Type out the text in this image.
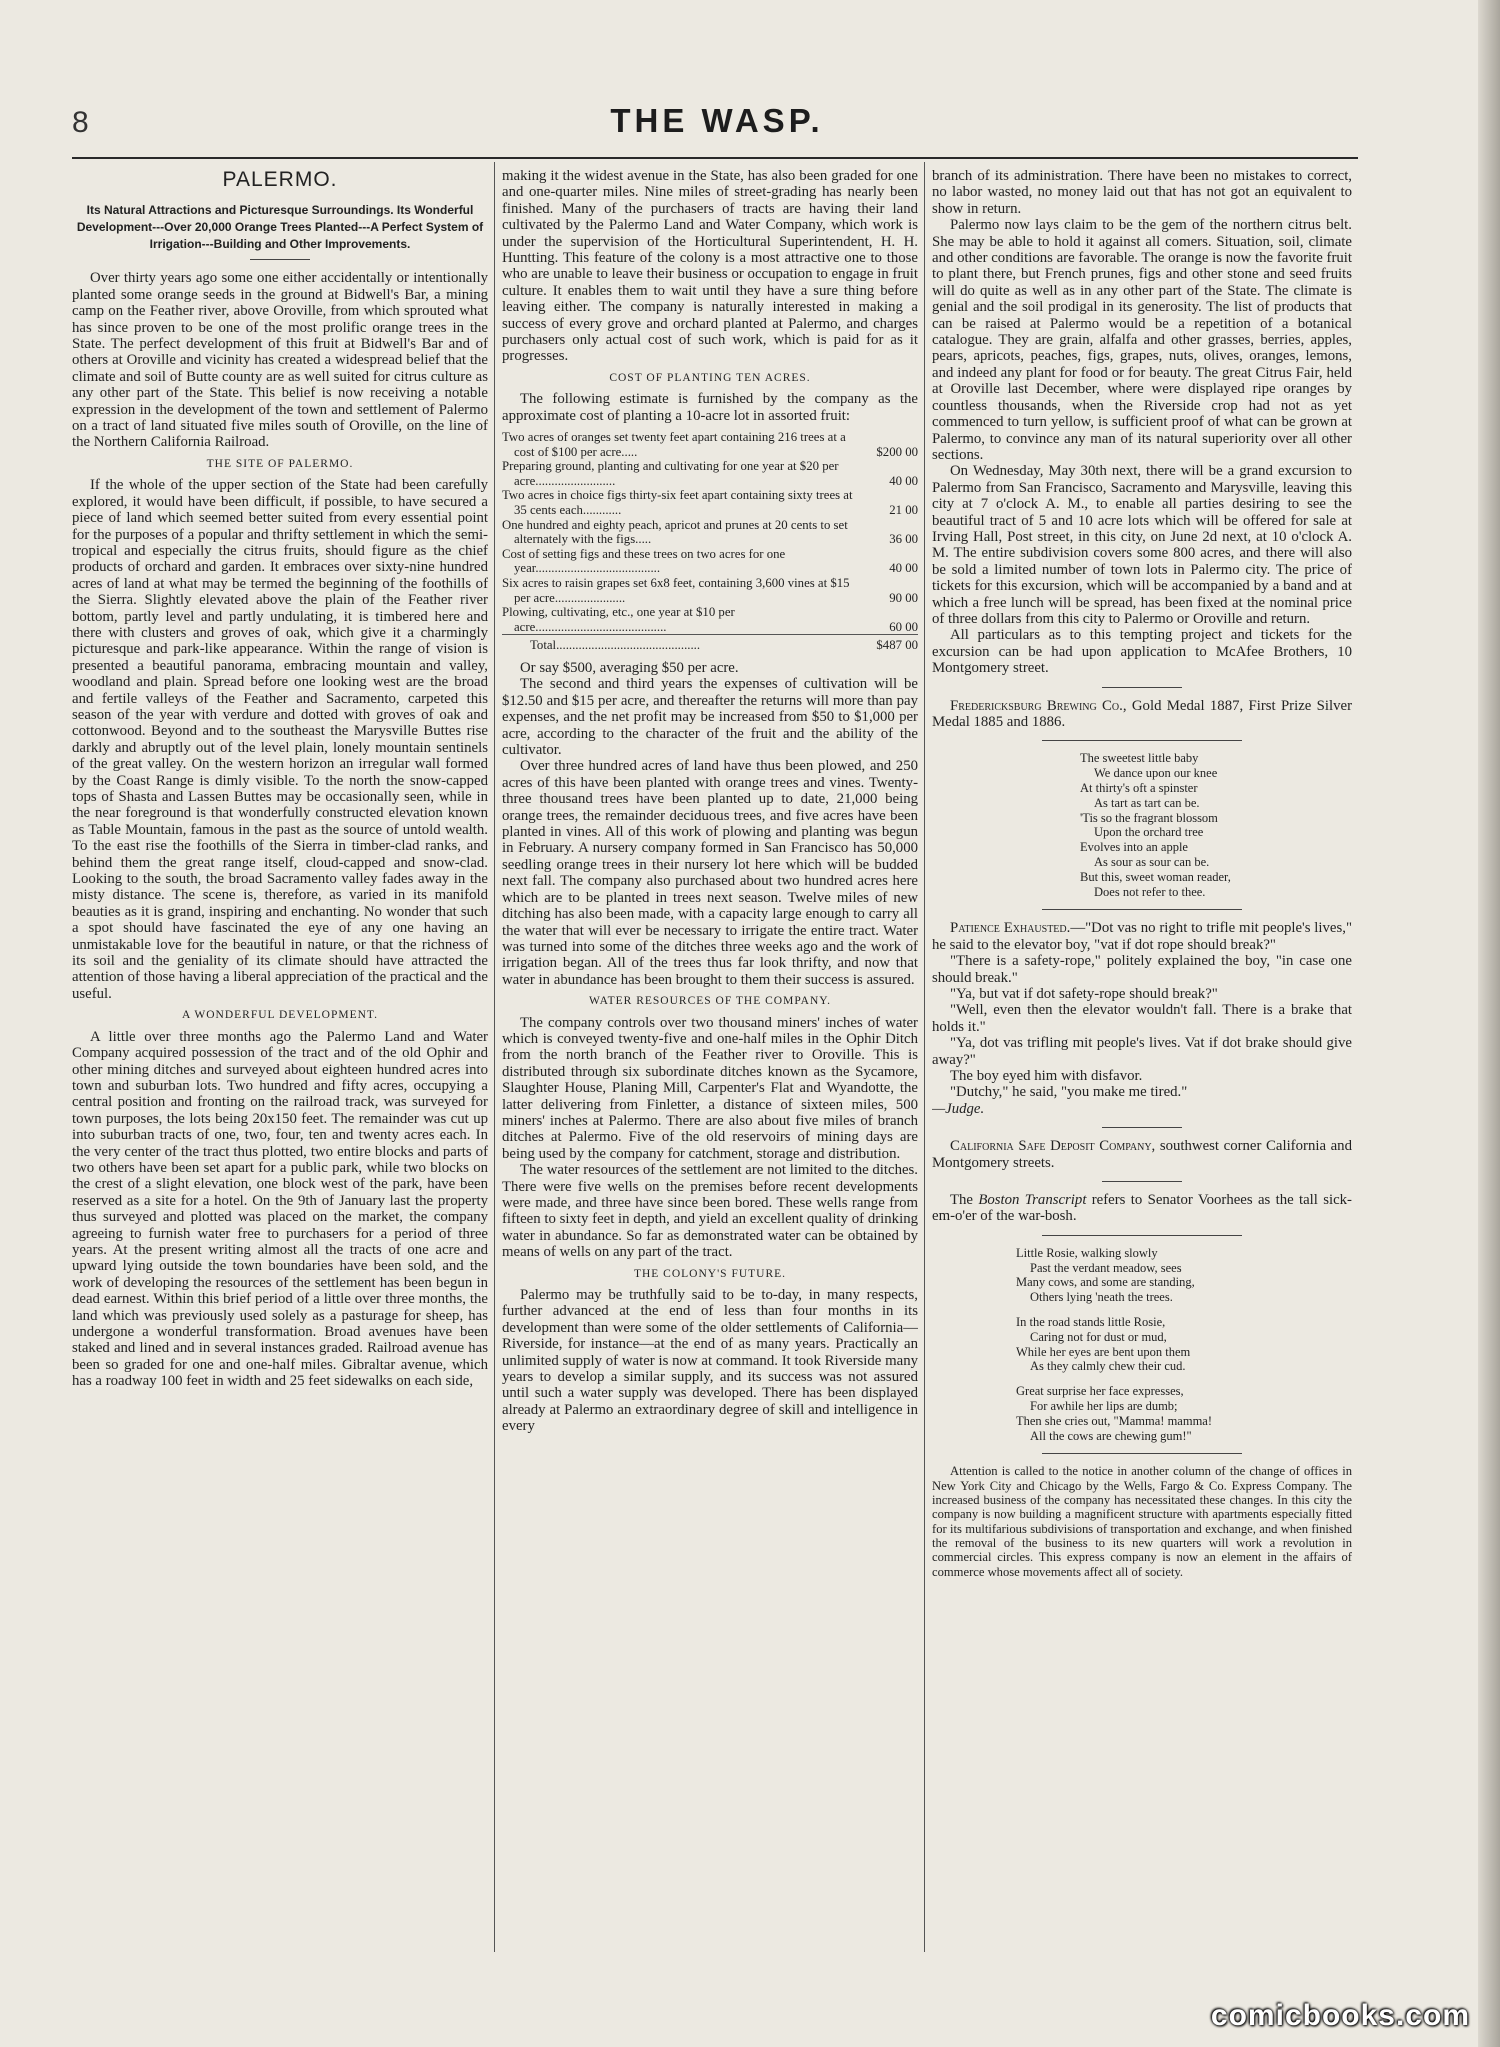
8	THE WASP.
PALERMO.
Its Natural Attractions and Picturesque Surroundings. Its Wonderful Development---Over 20,000 Orange Trees Planted---A Perfect System of Irrigation---Building and Other Improvements.

Over thirty years ago some one either accidentally or intentionally planted some orange seeds in the ground at Bidwell's Bar, a mining camp on the Feather river, above Oroville, from which sprouted what has since proven to be one of the most prolific orange trees in the State. The perfect development of this fruit at Bidwell's Bar and of others at Oroville and vicinity has created a widespread belief that the climate and soil of Butte county are as well suited for citrus culture as any other part of the State. This belief is now receiving a notable expression in the development of the town and settlement of Palermo on a tract of land situated five miles south of Oroville, on the line of the Northern California Railroad.

THE SITE OF PALERMO.

If the whole of the upper section of the State had been carefully explored, it would have been difficult, if possible, to have secured a piece of land which seemed better suited from every essential point for the purposes of a popular and thrifty settlement in which the semi-tropical and especially the citrus fruits, should figure as the chief products of orchard and garden. It embraces over sixty-nine hundred acres of land at what may be termed the beginning of the foothills of the Sierra. Slightly elevated above the plain of the Feather river bottom, partly level and partly undulating, it is timbered here and there with clusters and groves of oak, which give it a charmingly picturesque and park-like appearance. Within the range of vision is presented a beautiful panorama, embracing mountain and valley, woodland and plain. Spread before one looking west are the broad and fertile valleys of the Feather and Sacramento, carpeted this season of the year with verdure and dotted with groves of oak and cottonwood. Beyond and to the southeast the Marysville Buttes rise darkly and abruptly out of the level plain, lonely mountain sentinels of the great valley. On the western horizon an irregular wall formed by the Coast Range is dimly visible. To the north the snow-capped tops of Shasta and Lassen Buttes may be occasionally seen, while in the near foreground is that wonderfully constructed elevation known as Table Mountain, famous in the past as the source of untold wealth. To the east rise the foothills of the Sierra in timber-clad ranks, and behind them the great range itself, cloud-capped and snow-clad. Looking to the south, the broad Sacramento valley fades away in the misty distance. The scene is, therefore, as varied in its manifold beauties as it is grand, inspiring and enchanting. No wonder that such a spot should have fascinated the eye of any one having an unmistakable love for the beautiful in nature, or that the richness of its soil and the geniality of its climate should have attracted the attention of those having a liberal appreciation of the practical and the useful.

A WONDERFUL DEVELOPMENT.

A little over three months ago the Palermo Land and Water Company acquired possession of the tract and of the old Ophir and other mining ditches and surveyed about eighteen hundred acres into town and suburban lots. Two hundred and fifty acres, occupying a central position and fronting on the railroad track, was surveyed for town purposes, the lots being 20x150 feet. The remainder was cut up into suburban tracts of one, two, four, ten and twenty acres each. In the very center of the tract thus plotted, two entire blocks and parts of two others have been set apart for a public park, while two blocks on the crest of a slight elevation, one block west of the park, have been reserved as a site for a hotel. On the 9th of January last the property thus surveyed and plotted was placed on the market, the company agreeing to furnish water free to purchasers for a period of three years. At the present writing almost all the tracts of one acre and upward lying outside the town boundaries have been sold, and the work of developing the resources of the settlement has been begun in dead earnest. Within this brief period of a little over three months, the land which was previously used solely as a pasturage for sheep, has undergone a wonderful transformation. Broad avenues have been staked and lined and in several instances graded. Railroad avenue has been so graded for one and one-half miles. Gibraltar avenue, which has a roadway 100 feet in width and 25 feet sidewalks on each side,

making it the widest avenue in the State, has also been graded for one and one-quarter miles. Nine miles of street-grading has nearly been finished. Many of the purchasers of tracts are having their land cultivated by the Palermo Land and Water Company, which work is under the supervision of the Horticultural Superintendent, H. H. Huntting. This feature of the colony is a most attractive one to those who are unable to leave their business or occupation to engage in fruit culture. It enables them to wait until they have a sure thing before leaving either. The company is naturally interested in making a success of every grove and orchard planted at Palermo, and charges purchasers only actual cost of such work, which is paid for as it progresses.

COST OF PLANTING TEN ACRES.

The following estimate is furnished by the company as the approximate cost of planting a 10-acre lot in assorted fruit:

Two acres of oranges set twenty feet apart containing 216 trees at a cost of $100 per acre.....	$200 00
Preparing ground, planting and cultivating for one year at $20 per acre.........................	40 00
Two acres in choice figs thirty-six feet apart containing sixty trees at 35 cents each............	21 00
One hundred and eighty peach, apricot and prunes at 20 cents to set alternately with the figs.....	36 00
Cost of setting figs and these trees on two acres for one year.......................................	40 00
Six acres to raisin grapes set 6x8 feet, containing 3,600 vines at $15 per acre......................	90 00
Plowing, cultivating, etc., one year at $10 per acre.........................................	60 00
Total.............................................	$487 00

Or say $500, averaging $50 per acre.

The second and third years the expenses of cultivation will be $12.50 and $15 per acre, and thereafter the returns will more than pay expenses, and the net profit may be increased from $50 to $1,000 per acre, according to the character of the fruit and the ability of the cultivator.

Over three hundred acres of land have thus been plowed, and 250 acres of this have been planted with orange trees and vines. Twenty-three thousand trees have been planted up to date, 21,000 being orange trees, the remainder deciduous trees, and five acres have been planted in vines. All of this work of plowing and planting was begun in February. A nursery company formed in San Francisco has 50,000 seedling orange trees in their nursery lot here which will be budded next fall. The company also purchased about two hundred acres here which are to be planted in trees next season. Twelve miles of new ditching has also been made, with a capacity large enough to carry all the water that will ever be necessary to irrigate the entire tract. Water was turned into some of the ditches three weeks ago and the work of irrigation began. All of the trees thus far look thrifty, and now that water in abundance has been brought to them their success is assured.

WATER RESOURCES OF THE COMPANY.

The company controls over two thousand miners' inches of water which is conveyed twenty-five and one-half miles in the Ophir Ditch from the north branch of the Feather river to Oroville. This is distributed through six subordinate ditches known as the Sycamore, Slaughter House, Planing Mill, Carpenter's Flat and Wyandotte, the latter delivering from Finletter, a distance of sixteen miles, 500 miners' inches at Palermo. There are also about five miles of branch ditches at Palermo. Five of the old reservoirs of mining days are being used by the company for catchment, storage and distribution.

The water resources of the settlement are not limited to the ditches. There were five wells on the premises before recent developments were made, and three have since been bored. These wells range from fifteen to sixty feet in depth, and yield an excellent quality of drinking water in abundance. So far as demonstrated water can be obtained by means of wells on any part of the tract.

THE COLONY'S FUTURE.

Palermo may be truthfully said to be to-day, in many respects, further advanced at the end of less than four months in its development than were some of the older settlements of California—Riverside, for instance—at the end of as many years. Practically an unlimited supply of water is now at command. It took Riverside many years to develop a similar supply, and its success was not assured until such a water supply was developed. There has been displayed already at Palermo an extraordinary degree of skill and intelligence in every

branch of its administration. There have been no mistakes to correct, no labor wasted, no money laid out that has not got an equivalent to show in return.

Palermo now lays claim to be the gem of the northern citrus belt. She may be able to hold it against all comers. Situation, soil, climate and other conditions are favorable. The orange is now the favorite fruit to plant there, but French prunes, figs and other stone and seed fruits will do quite as well as in any other part of the State. The climate is genial and the soil prodigal in its generosity. The list of products that can be raised at Palermo would be a repetition of a botanical catalogue. They are grain, alfalfa and other grasses, berries, apples, pears, apricots, peaches, figs, grapes, nuts, olives, oranges, lemons, and indeed any plant for food or for beauty. The great Citrus Fair, held at Oroville last December, where were displayed ripe oranges by countless thousands, when the Riverside crop had not as yet commenced to turn yellow, is sufficient proof of what can be grown at Palermo, to convince any man of its natural superiority over all other sections.

On Wednesday, May 30th next, there will be a grand excursion to Palermo from San Francisco, Sacramento and Marysville, leaving this city at 7 o'clock A. M., to enable all parties desiring to see the beautiful tract of 5 and 10 acre lots which will be offered for sale at Irving Hall, Post street, in this city, on June 2d next, at 10 o'clock A. M. The entire subdivision covers some 800 acres, and there will also be sold a limited number of town lots in Palermo city. The price of tickets for this excursion, which will be accompanied by a band and at which a free lunch will be spread, has been fixed at the nominal price of three dollars from this city to Palermo or Oroville and return.

All particulars as to this tempting project and tickets for the excursion can be had upon application to McAfee Brothers, 10 Montgomery street.

Fredericksburg Brewing Co., Gold Medal 1887, First Prize Silver Medal 1885 and 1886.

The sweetest little baby
We dance upon our knee
At thirty's oft a spinster
As tart as tart can be.
'Tis so the fragrant blossom
Upon the orchard tree
Evolves into an apple
As sour as sour can be.
But this, sweet woman reader,
Does not refer to thee.

Patience Exhausted.—"Dot vas no right to trifle mit people's lives," he said to the elevator boy, "vat if dot rope should break?"

"There is a safety-rope," politely explained the boy, "in case one should break."

"Ya, but vat if dot safety-rope should break?"

"Well, even then the elevator wouldn't fall. There is a brake that holds it."

"Ya, dot vas trifling mit people's lives. Vat if dot brake should give away?"

The boy eyed him with disfavor.

"Dutchy," he said, "you make me tired."

—Judge.

California Safe Deposit Company, southwest corner California and Montgomery streets.

The Boston Transcript refers to Senator Voorhees as the tall sick-em-o'er of the war-bosh.

Little Rosie, walking slowly
Past the verdant meadow, sees
Many cows, and some are standing,
Others lying 'neath the trees.
In the road stands little Rosie,
Caring not for dust or mud,
While her eyes are bent upon them
As they calmly chew their cud.
Great surprise her face expresses,
For awhile her lips are dumb;
Then she cries out, "Mamma! mamma!
All the cows are chewing gum!"

Attention is called to the notice in another column of the change of offices in New York City and Chicago by the Wells, Fargo & Co. Express Company. The increased business of the company has necessitated these changes. In this city the company is now building a magnificent structure with apartments especially fitted for its multifarious subdivisions of transportation and exchange, and when finished the removal of the business to its new quarters will work a revolution in commercial circles. This express company is now an element in the affairs of commerce whose movements affect all of society.

comicbooks.com
